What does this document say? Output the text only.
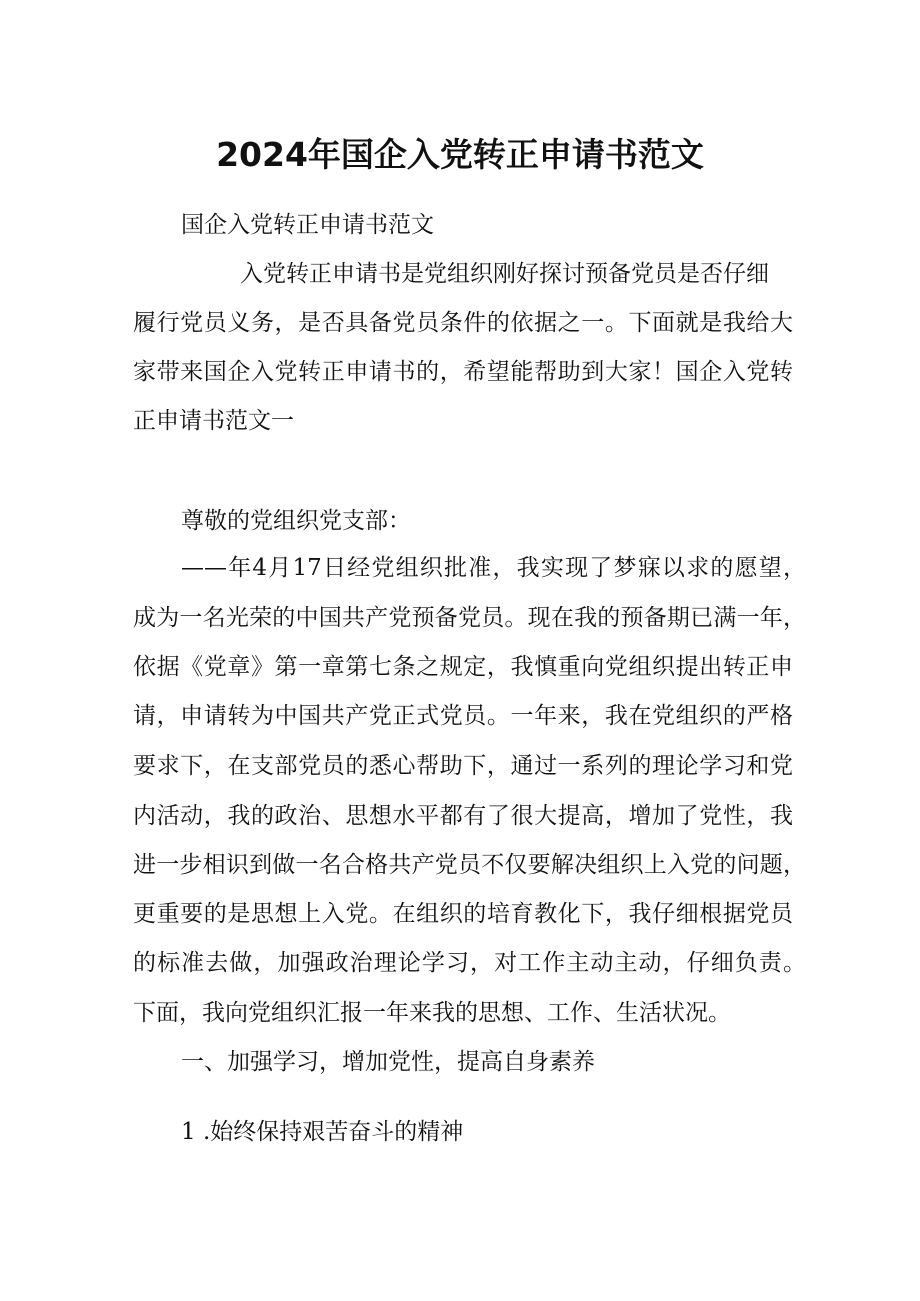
2024年国企入党转正申请书范文
国企入党转正申请书范文
入党转正申请书是党组织刚好探讨预备党员是否仔细
履行党员义务，是否具备党员条件的依据之一。下面就是我给大
家带来国企入党转正申请书的，希望能帮助到大家！国企入党转
正申请书范文一
尊敬的党组织党支部：
——年4月17日经党组织批准，我实现了梦寐以求的愿望，
成为一名光荣的中国共产党预备党员。现在我的预备期已满一年，
依据《党章》第一章第七条之规定，我慎重向党组织提出转正申
请，申请转为中国共产党正式党员。一年来，我在党组织的严格
要求下，在支部党员的悉心帮助下，通过一系列的理论学习和党
内活动，我的政治、思想水平都有了很大提高，增加了党性，我
进一步相识到做一名合格共产党员不仅要解决组织上入党的问题，
更重要的是思想上入党。在组织的培育教化下，我仔细根据党员
的标准去做，加强政治理论学习，对工作主动主动，仔细负责。
下面，我向党组织汇报一年来我的思想、工作、生活状况。
一、加强学习，增加党性，提高自身素养
1 .始终保持艰苦奋斗的精神
